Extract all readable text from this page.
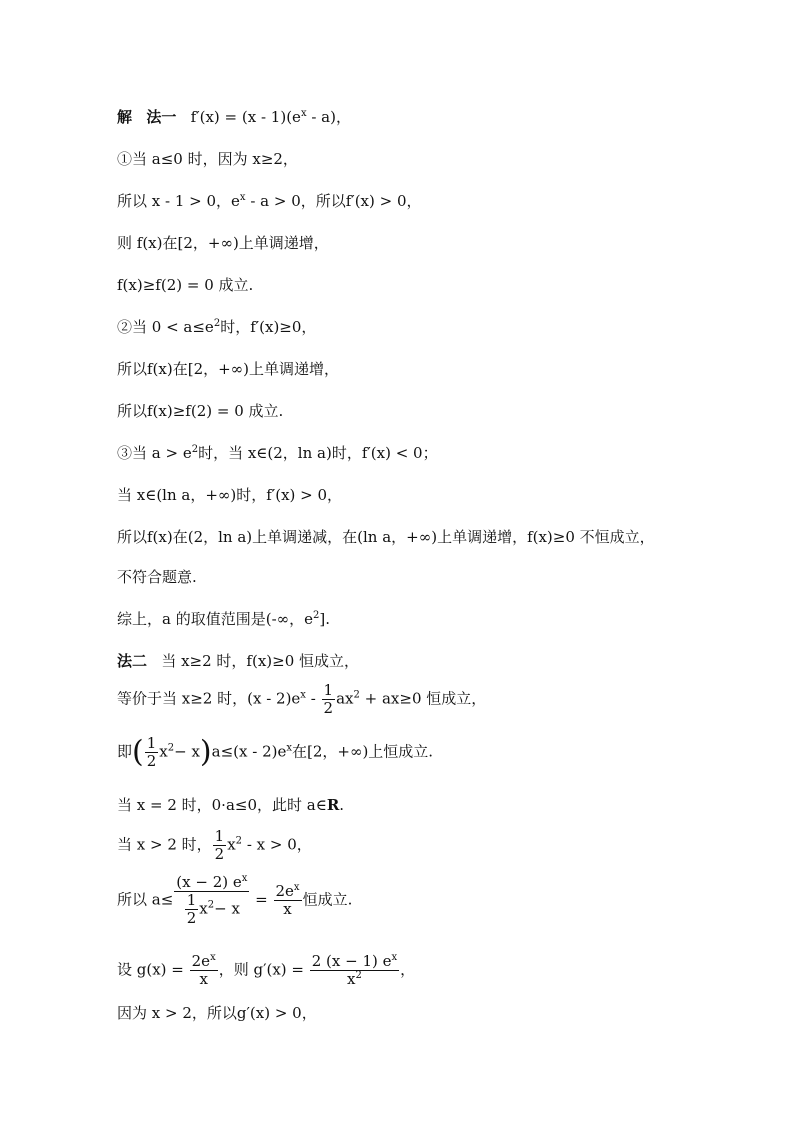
解 法一 $f'(x) = (x - 1)(e^x - a)$，
①当 a≤0 时，因为 x≥2，
所以 x - 1 > 0，$e^x - a > 0$，所以f′(x) > 0，
则 f(x)在[2，+∞)上单调递增，
f(x)≥f(2) = 0 成立.
②当 $0 < a\le e^2$时，f′(x)≥0，
所以f(x)在[2，+∞)上单调递增，
所以f(x)≥f(2) = 0 成立.
③当 $a > e^2$时，当 x∈(2，ln a)时，f′(x) < 0；
当 x∈(ln a，+∞)时，f′(x) > 0，
所以f(x)在(2，ln a)上单调递减，在(ln a，+∞)上单调递增，f(x)≥0 不恒成立，
不符合题意.
综上，a 的取值范围是(-∞，$e^2$].
法二 当 x≥2 时，f(x)≥0 恒成立，
等价于当 x≥2 时，$(x - 2)e^x - \frac{1}{2} ax^2 + ax\ge 0$ 恒成立，
即( $\frac{1}{2} x^2- x)a\le(x - 2)e^x$在[2，+∞)上恒成立.
当 x = 2 时，0·a≤0，此时 a∈R.
当 x > 2 时， $\frac{1}{2} x^2 - x > 0$，
所以 $a\le \frac{(x - 2) e^x}{\frac{1}{2} x^2- x} = \frac{2e^x}{x}$ 恒成立.
设 $g(x) = \frac{2e^x}{x}$ ，则 $g'(x) = \frac{2 (x - 1) e^x}{x^2}$ ，
因为 x > 2，所以g′(x) > 0，
